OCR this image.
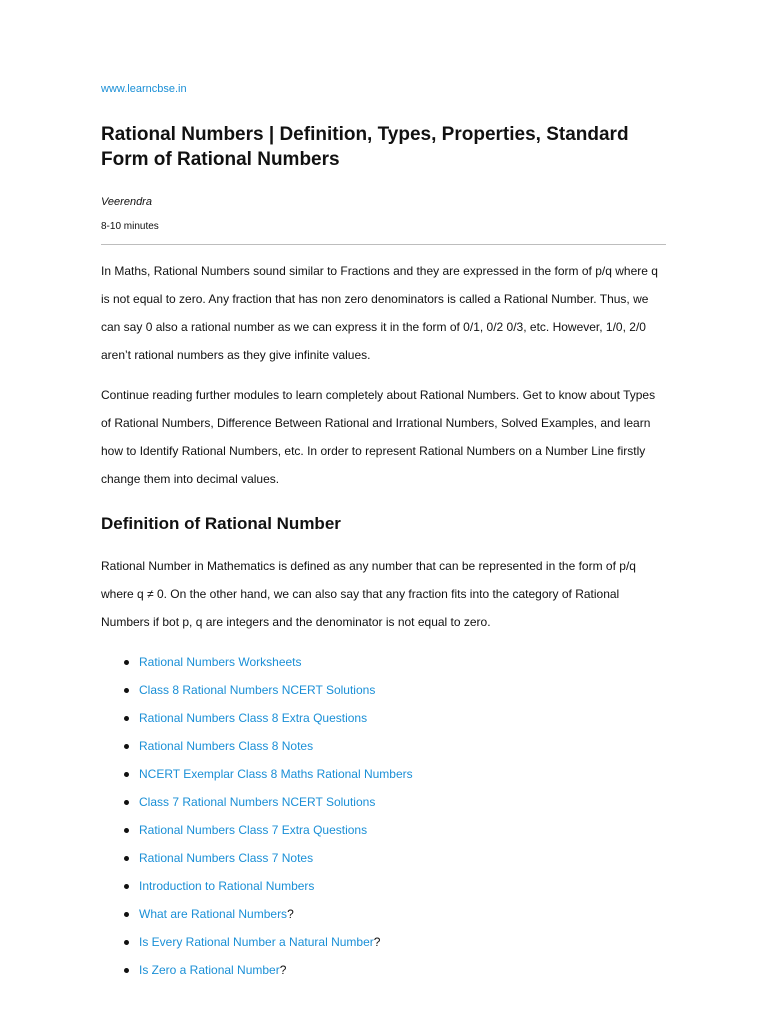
www.learncbse.in
Rational Numbers | Definition, Types, Properties, Standard Form of Rational Numbers
Veerendra
8-10 minutes

In Maths, Rational Numbers sound similar to Fractions and they are expressed in the form of p/q where q is not equal to zero. Any fraction that has non zero denominators is called a Rational Number. Thus, we can say 0 also a rational number as we can express it in the form of 0/1, 0/2 0/3, etc. However, 1/0, 2/0 aren’t rational numbers as they give infinite values.

Continue reading further modules to learn completely about Rational Numbers. Get to know about Types of Rational Numbers, Difference Between Rational and Irrational Numbers, Solved Examples, and learn how to Identify Rational Numbers, etc. In order to represent Rational Numbers on a Number Line firstly change them into decimal values.

Definition of Rational Number

Rational Number in Mathematics is defined as any number that can be represented in the form of p/q where q ≠ 0. On the other hand, we can also say that any fraction fits into the category of Rational Numbers if bot p, q are integers and the denominator is not equal to zero.

Rational Numbers Worksheets
Class 8 Rational Numbers NCERT Solutions
Rational Numbers Class 8 Extra Questions
Rational Numbers Class 8 Notes
NCERT Exemplar Class 8 Maths Rational Numbers
Class 7 Rational Numbers NCERT Solutions
Rational Numbers Class 7 Extra Questions
Rational Numbers Class 7 Notes
Introduction to Rational Numbers
What are Rational Numbers?
Is Every Rational Number a Natural Number?
Is Zero a Rational Number?
